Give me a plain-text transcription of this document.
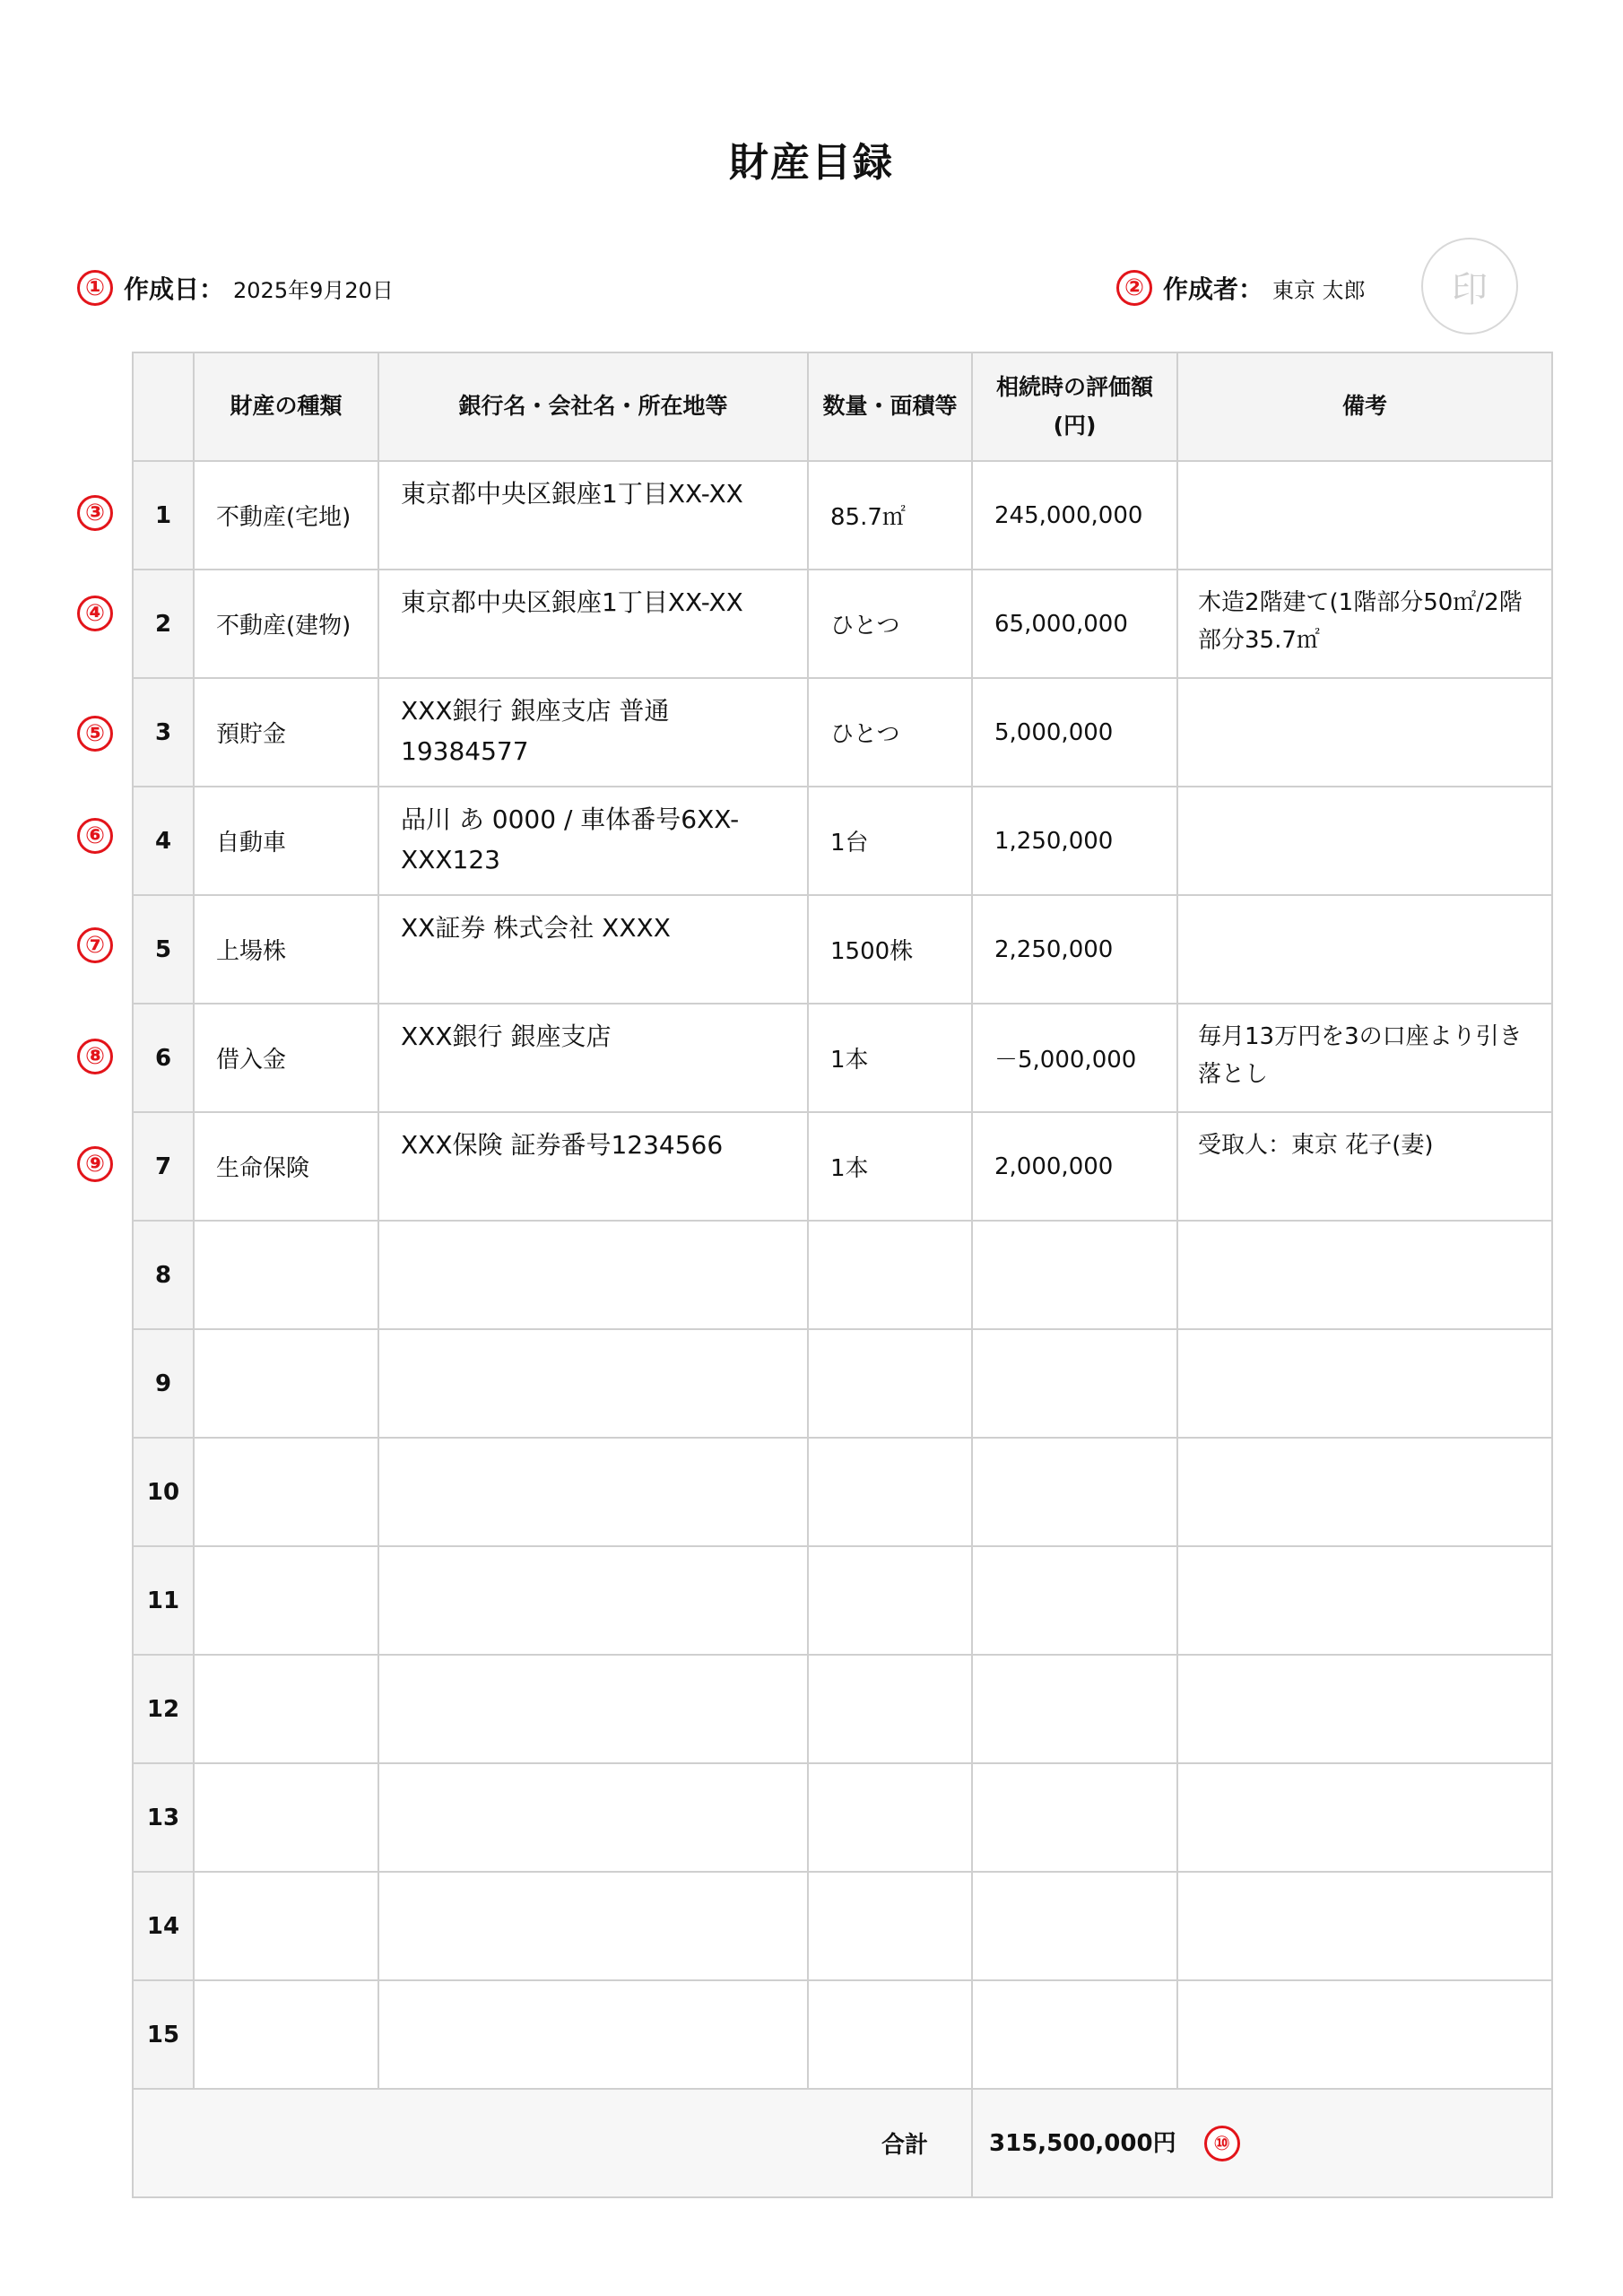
財産目録
① 作成日： 2025年9月20日	② 作成者： 東京 太郎	印
③
④
⑤
⑥
⑦
⑧
⑨
	財産の種類	銀行名・会社名・所在地等	数量・面積等	相続時の評価額(円)	備考
1	不動産(宅地)	東京都中央区銀座1丁目XX-XX	85.7㎡	245,000,000	
2	不動産(建物)	東京都中央区銀座1丁目XX-XX	ひとつ	65,000,000	木造2階建て(1階部分50㎡/2階部分35.7㎡
3	預貯金	XXX銀行 銀座支店 普通 19384577	ひとつ	5,000,000	
4	自動車	品川 あ 0000 / 車体番号6XX-XXX123	1台	1,250,000	
5	上場株	XX証券 株式会社 XXXX	1500株	2,250,000	
6	借入金	XXX銀行 銀座支店	1本	－5,000,000	毎月13万円を3の口座より引き落とし
7	生命保険	XXX保険 証券番号1234566	1本	2,000,000	受取人：東京 花子(妻)
8					
9					
10					
11					
12					
13					
14					
15					
合計				315,500,000円 ⑩	
